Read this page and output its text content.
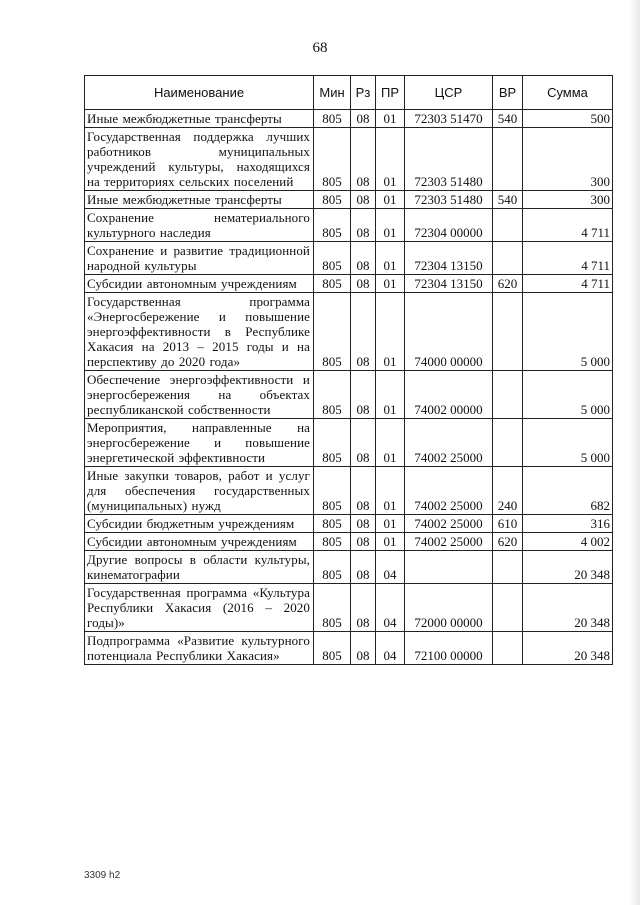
68
Наименование	Мин	Рз	ПР	ЦСР	ВР	Сумма
Иные межбюджетные трансферты	805	08	01	72303 51470	540	500
Государственная поддержка лучших работников муниципальных учреждений культуры, находящихся на территориях сельских поселений	805	08	01	72303 51480		300
Иные межбюджетные трансферты	805	08	01	72303 51480	540	300
Сохранение нематериального культурного наследия	805	08	01	72304 00000		4 711
Сохранение и развитие традиционной народной культуры	805	08	01	72304 13150		4 711
Субсидии автономным учреждениям	805	08	01	72304 13150	620	4 711
Государственная программа «Энергосбережение и повышение энергоэффективности в Республике Хакасия на 2013 – 2015 годы и на перспективу до 2020 года»	805	08	01	74000 00000		5 000
Обеспечение энергоэффективности и энергосбережения на объектах республиканской собственности	805	08	01	74002 00000		5 000
Мероприятия, направленные на энергосбережение и повышение энергетической эффективности	805	08	01	74002 25000		5 000
Иные закупки товаров, работ и услуг для обеспечения государственных (муниципальных) нужд	805	08	01	74002 25000	240	682
Субсидии бюджетным учреждениям	805	08	01	74002 25000	610	316
Субсидии автономным учреждениям	805	08	01	74002 25000	620	4 002
Другие вопросы в области культуры, кинематографии	805	08	04			20 348
Государственная программа «Культура Республики Хакасия (2016 – 2020 годы)»	805	08	04	72000 00000		20 348
Подпрограмма «Развитие культурного потенциала Республики Хакасия»	805	08	04	72100 00000		20 348
3309 h2
